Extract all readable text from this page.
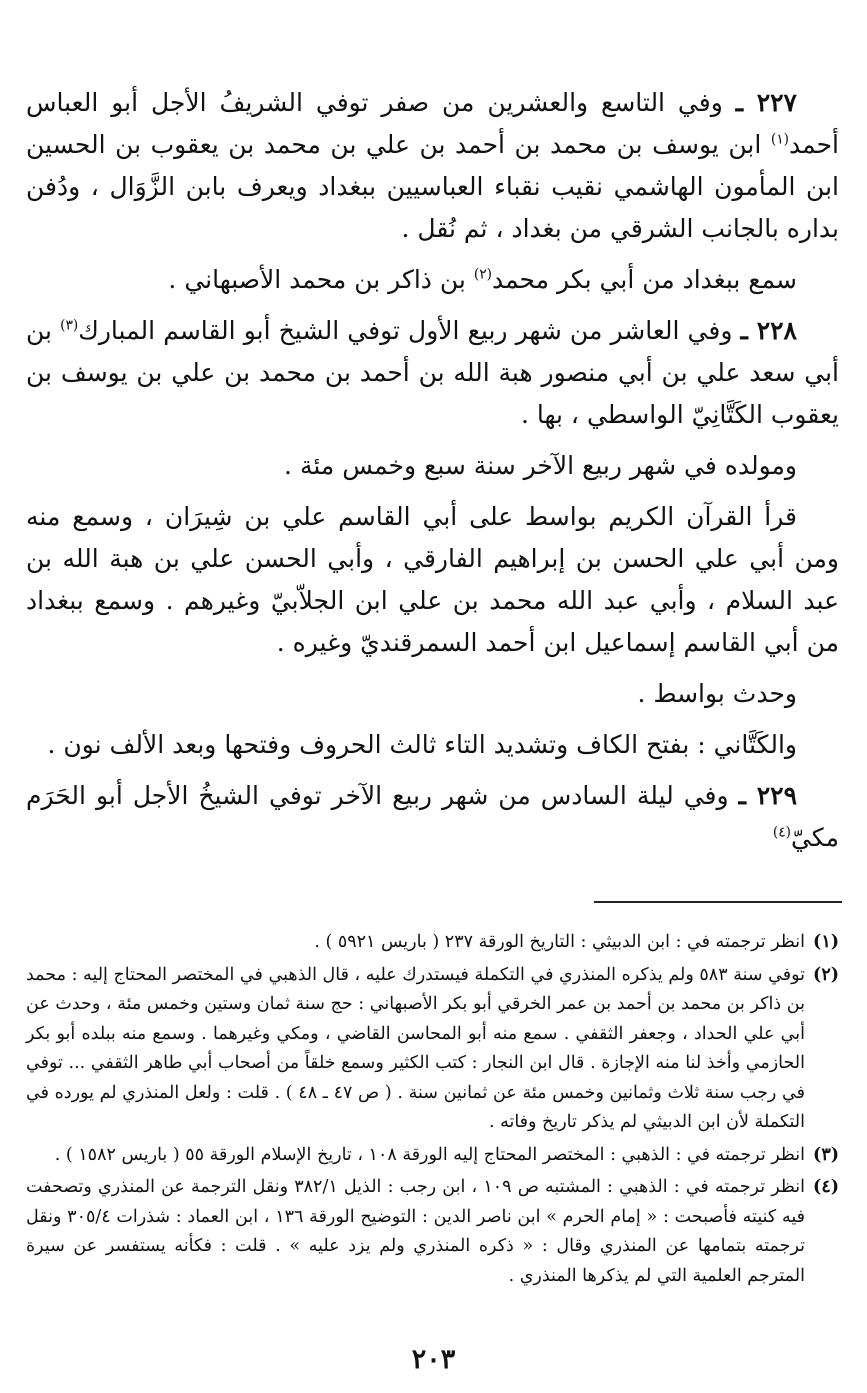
٢٢٧ ـ وفي التاسع والعشرين من صفر توفي الشريفُ الأجل أبو العباس أحمد$^{(١)}$ ابن يوسف بن محمد بن أحمد بن علي بن محمد بن يعقوب بن الحسين ابن المأمون الهاشمي نقيب نقباء العباسيين ببغداد ويعرف بابن الزَّوَال ، ودُفن بداره بالجانب الشرقي من بغداد ، ثم نُقل .

سمع ببغداد من أبي بكر محمد$^{(٢)}$ بن ذاكر بن محمد الأصبهاني .

٢٢٨ ـ وفي العاشر من شهر ربيع الأول توفي الشيخ أبو القاسم المبارك$^{(٣)}$ بن أبي سعد علي بن أبي منصور هبة الله بن أحمد بن محمد بن علي بن يوسف بن يعقوب الكَتَّانِيّ الواسطي ، بها .

ومولده في شهر ربيع الآخر سنة سبع وخمس مئة .

قرأ القرآن الكريم بواسط على أبي القاسم علي بن شِيرَان ، وسمع منه ومن أبي علي الحسن بن إبراهيم الفارقي ، وأبي الحسن علي بن هبة الله بن عبد السلام ، وأبي عبد الله محمد بن علي ابن الجلاّبيّ وغيرهم . وسمع ببغداد من أبي القاسم إسماعيل ابن أحمد السمرقنديّ وغيره .

وحدث بواسط .

والكَتَّاني : بفتح الكاف وتشديد التاء ثالث الحروف وفتحها وبعد الألف نون .

٢٢٩ ـ وفي ليلة السادس من شهر ربيع الآخر توفي الشيخُ الأجل أبو الحَرَم مكيّ$^{(٤)}$

(١)
انظر ترجمته في : ابن الدبيثي : التاريخ الورقة ٢٣٧ ( باريس ٥٩٢١ ) .

(٢)
توفي سنة ٥٨٣ ولم يذكره المنذري في التكملة فيستدرك عليه ، قال الذهبي في المختصر المحتاج إليه : محمد بن ذاكر بن محمد بن أحمد بن عمر الخرقي أبو بكر الأصبهاني : حج سنة ثمان وستين وخمس مئة ، وحدث عن أبي علي الحداد ، وجعفر الثقفي . سمع منه أبو المحاسن القاضي ، ومكي وغيرهما . وسمع منه ببلده أبو بكر الحازمي وأخذ لنا منه الإجازة . قال ابن النجار : كتب الكثير وسمع خلقاً من أصحاب أبي طاهر الثقفي ... توفي في رجب سنة ثلاث وثمانين وخمس مئة عن ثمانين سنة . ( ص ٤٧ ـ ٤٨ ) . قلت : ولعل المنذري لم يورده في التكملة لأن ابن الدبيثي لم يذكر تاريخ وفاته .

(٣)
انظر ترجمته في : الذهبي : المختصر المحتاج إليه الورقة ١٠٨ ، تاريخ الإسلام الورقة ٥٥ ( باريس ١٥٨٢ ) .

(٤)
انظر ترجمته في : الذهبي : المشتبه ص ١٠٩ ، ابن رجب : الذيل ٣٨٢/١ ونقل الترجمة عن المنذري وتصحفت فيه كنيته فأصبحت : « إمام الحرم » ابن ناصر الدين : التوضيح الورقة ١٣٦ ، ابن العماد : شذرات ٣٠٥/٤ ونقل ترجمته بتمامها عن المنذري وقال : « ذكره المنذري ولم يزد عليه » . قلت : فكأنه يستفسر عن سيرة المترجم العلمية التي لم يذكرها المنذري .

٢٠٣
